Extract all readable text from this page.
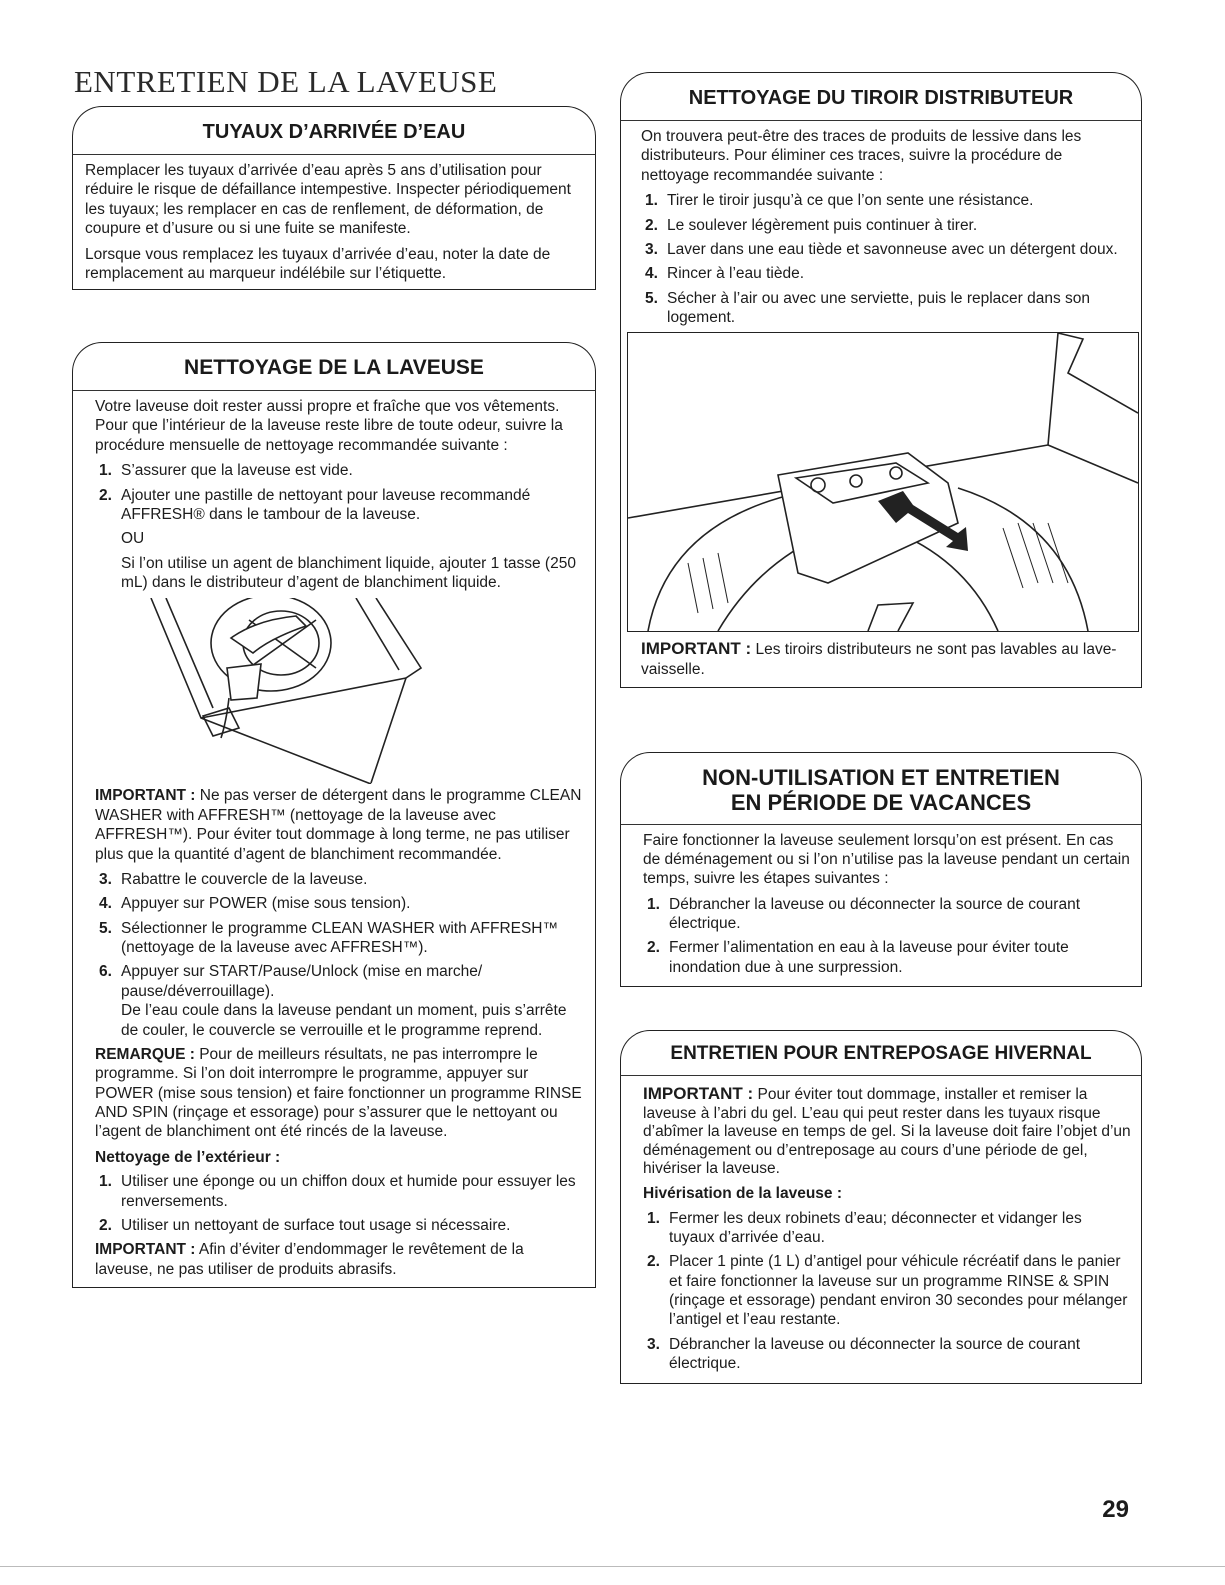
ENTRETIEN DE LA LAVEUSE
TUYAUX D’ARRIVÉE D’EAU

Remplacer les tuyaux d’arrivée d’eau après 5 ans d’utilisation pour réduire le risque de défaillance intempestive. Inspecter périodiquement les tuyaux; les remplacer en cas de renflement, de déformation, de coupure et d’usure ou si une fuite se manifeste.

Lorsque vous remplacez les tuyaux d’arrivée d’eau, noter la date de remplacement au marqueur indélébile sur l’étiquette.

NETTOYAGE DE LA LAVEUSE

Votre laveuse doit rester aussi propre et fraîche que vos vêtements. Pour que l’intérieur de la laveuse reste libre de toute odeur, suivre la procédure mensuelle de nettoyage recommandée suivante :

1. S’assurer que la laveuse est vide.
2. Ajouter une pastille de nettoyant pour laveuse recommandé AFFRESH® dans le tambour de la laveuse.
OU
Si l’on utilise un agent de blanchiment liquide, ajouter 1 tasse (250 mL) dans le distributeur d’agent de blanchiment liquide.

IMPORTANT : Ne pas verser de détergent dans le programme CLEAN WASHER with AFFRESH™ (nettoyage de la laveuse avec AFFRESH™). Pour éviter tout dommage à long terme, ne pas utiliser plus que la quantité d’agent de blanchiment recommandée.

3. Rabattre le couvercle de la laveuse.
4. Appuyer sur POWER (mise sous tension).
5. Sélectionner le programme CLEAN WASHER with AFFRESH™ (nettoyage de la laveuse avec AFFRESH™).
6. Appuyer sur START/Pause/Unlock (mise en marche/ pause/déverrouillage).
De l’eau coule dans la laveuse pendant un moment, puis s’arrête de couler, le couvercle se verrouille et le programme reprend.

REMARQUE : Pour de meilleurs résultats, ne pas interrompre le programme. Si l’on doit interrompre le programme, appuyer sur POWER (mise sous tension) et faire fonctionner un programme RINSE AND SPIN (rinçage et essorage) pour s’assurer que le nettoyant ou l’agent de blanchiment ont été rincés de la laveuse.

Nettoyage de l’extérieur :
1. Utiliser une éponge ou un chiffon doux et humide pour essuyer les renversements.
2. Utiliser un nettoyant de surface tout usage si nécessaire.

IMPORTANT : Afin d’éviter d’endommager le revêtement de la laveuse, ne pas utiliser de produits abrasifs.

NETTOYAGE DU TIROIR DISTRIBUTEUR

On trouvera peut-être des traces de produits de lessive dans les distributeurs. Pour éliminer ces traces, suivre la procédure de nettoyage recommandée suivante :

1. Tirer le tiroir jusqu’à ce que l’on sente une résistance.
2. Le soulever légèrement puis continuer à tirer.
3. Laver dans une eau tiède et savonneuse avec un détergent doux.
4. Rincer à l’eau tiède.
5. Sécher à l’air ou avec une serviette, puis le replacer dans son logement.

IMPORTANT : Les tiroirs distributeurs ne sont pas lavables au lave-vaisselle.

NON-UTILISATION ET ENTRETIEN
EN PÉRIODE DE VACANCES

Faire fonctionner la laveuse seulement lorsqu’on est présent. En cas de déménagement ou si l’on n’utilise pas la laveuse pendant un certain temps, suivre les étapes suivantes :

1. Débrancher la laveuse ou déconnecter la source de courant électrique.
2. Fermer l’alimentation en eau à la laveuse pour éviter toute inondation due à une surpression.
ENTRETIEN POUR ENTREPOSAGE HIVERNAL

IMPORTANT : Pour éviter tout dommage, installer et remiser la laveuse à l’abri du gel. L’eau qui peut rester dans les tuyaux risque d’abîmer la laveuse en temps de gel. Si la laveuse doit faire l’objet d’un déménagement ou d’entreposage au cours d’une période de gel, hivériser la laveuse.

Hivérisation de la laveuse :
1. Fermer les deux robinets d’eau; déconnecter et vidanger les tuyaux d’arrivée d’eau.
2. Placer 1 pinte (1 L) d’antigel pour véhicule récréatif dans le panier et faire fonctionner la laveuse sur un programme RINSE & SPIN (rinçage et essorage) pendant environ 30 secondes pour mélanger l’antigel et l’eau restante.
3. Débrancher la laveuse ou déconnecter la source de courant électrique.
29
